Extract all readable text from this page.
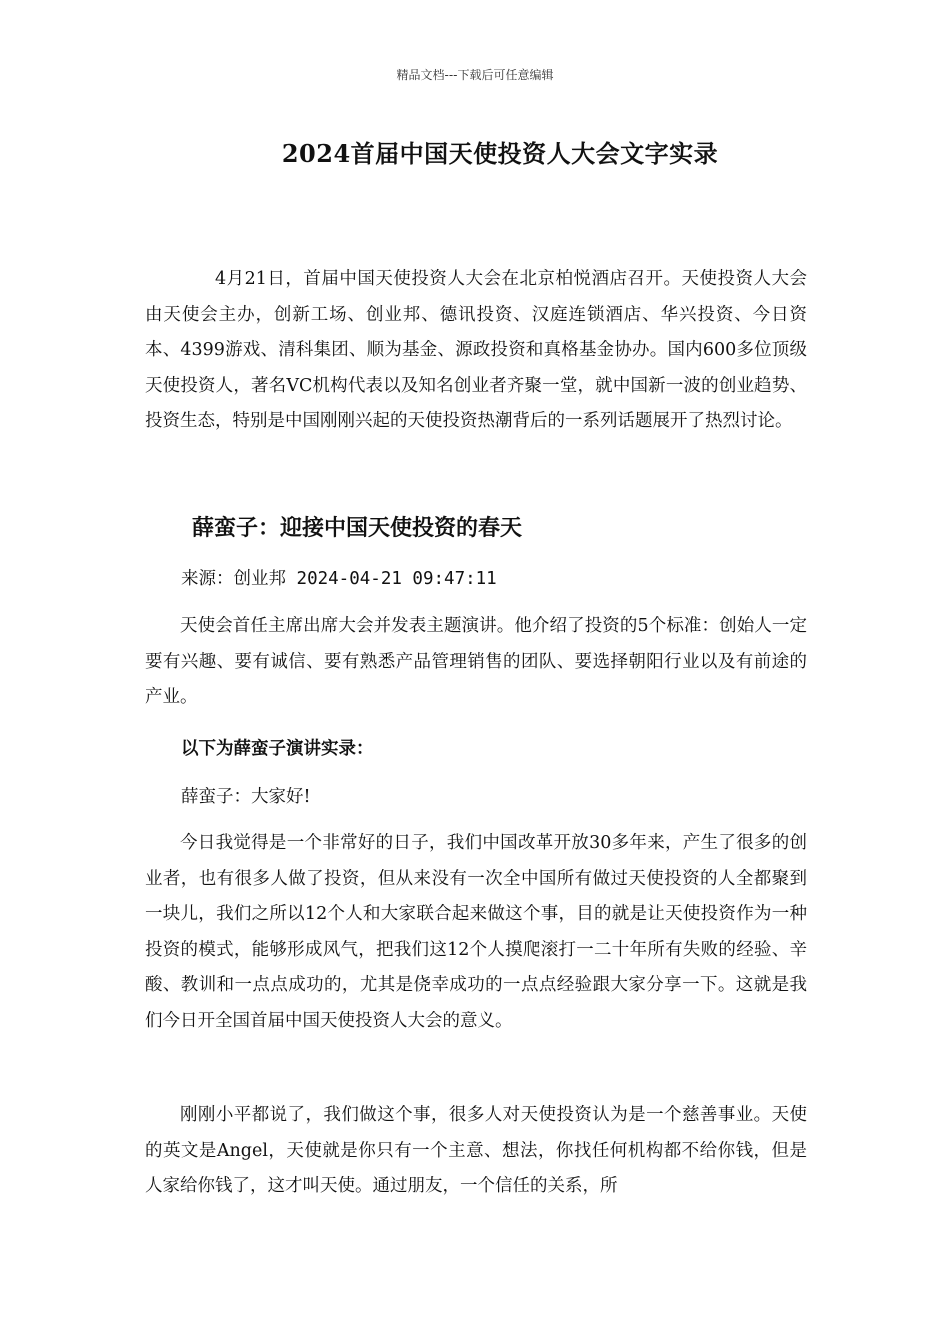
精品文档---下载后可任意编辑
2024首届中国天使投资人大会文字实录

4月21日，首届中国天使投资人大会在北京柏悦酒店召开。天使投资人大会由天使会主办，创新工场、创业邦、德讯投资、汉庭连锁酒店、华兴投资、今日资本、4399游戏、清科集团、顺为基金、源政投资和真格基金协办。国内600多位顶级天使投资人，著名VC机构代表以及知名创业者齐聚一堂，就中国新一波的创业趋势、投资生态，特别是中国刚刚兴起的天使投资热潮背后的一系列话题展开了热烈讨论。

薛蛮子：迎接中国天使投资的春天

来源：创业邦 2024-04-21 09:47:11

天使会首任主席出席大会并发表主题演讲。他介绍了投资的5个标准：创始人一定要有兴趣、要有诚信、要有熟悉产品管理销售的团队、要选择朝阳行业以及有前途的产业。

以下为薛蛮子演讲实录：

薛蛮子：大家好!

今日我觉得是一个非常好的日子，我们中国改革开放30多年来，产生了很多的创业者，也有很多人做了投资，但从来没有一次全中国所有做过天使投资的人全都聚到一块儿，我们之所以12个人和大家联合起来做这个事，目的就是让天使投资作为一种投资的模式，能够形成风气，把我们这12个人摸爬滚打一二十年所有失败的经验、辛酸、教训和一点点成功的，尤其是侥幸成功的一点点经验跟大家分享一下。这就是我们今日开全国首届中国天使投资人大会的意义。

刚刚小平都说了，我们做这个事，很多人对天使投资认为是一个慈善事业。天使的英文是Angel，天使就是你只有一个主意、想法，你找任何机构都不给你钱，但是人家给你钱了，这才叫天使。通过朋友，一个信任的关系，所
